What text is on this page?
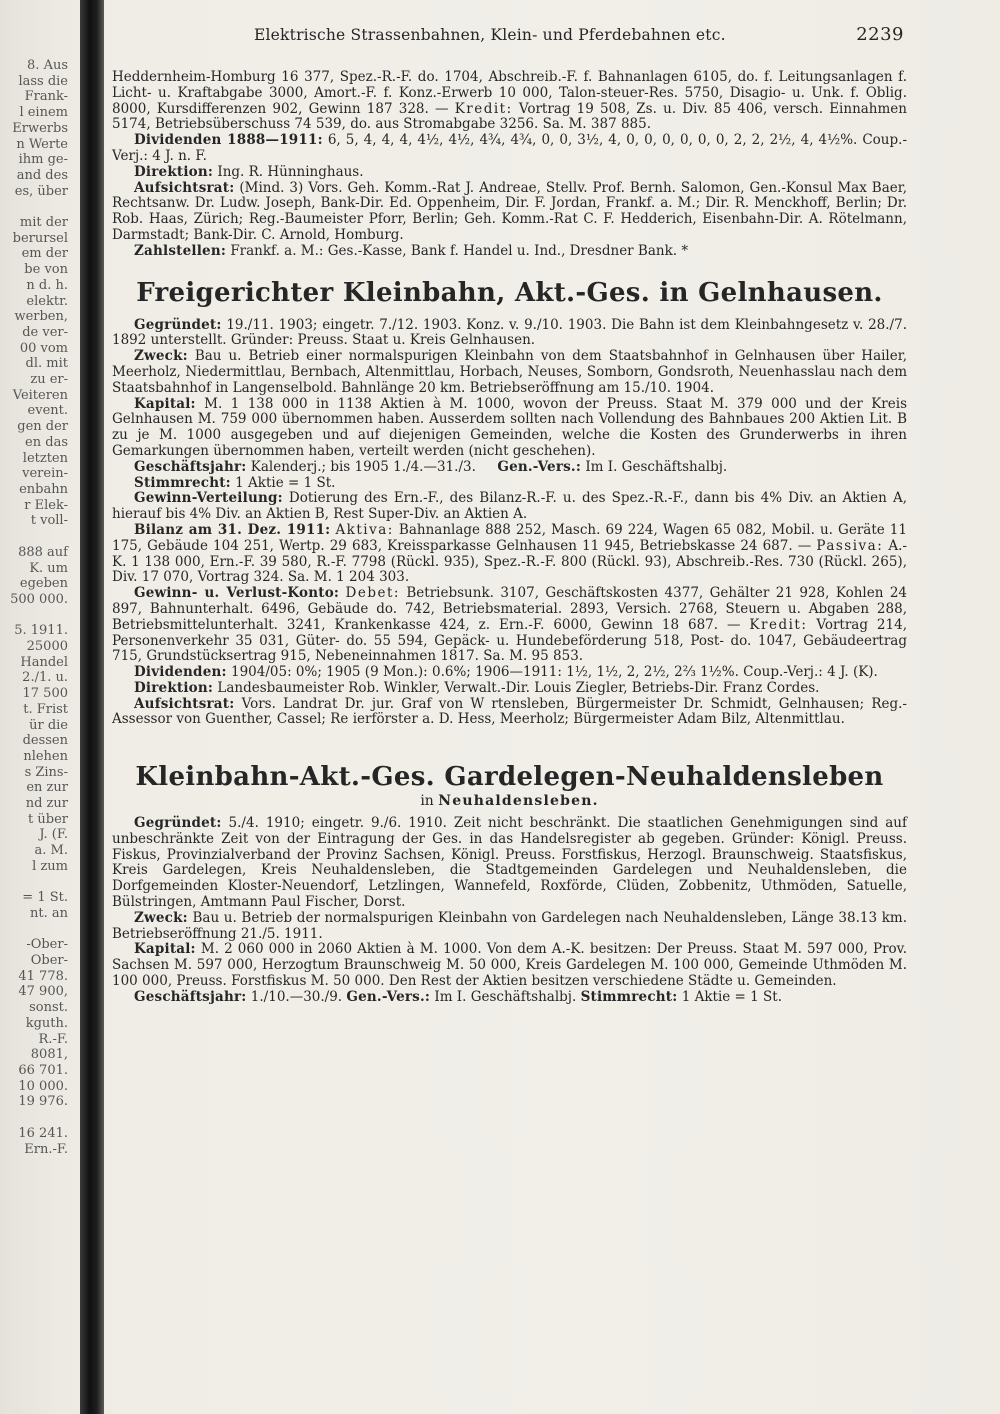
8. Aus
lass die
Frank-
l einem
Erwerbs
n Werte
ihm ge-
and des
es, über

mit der
berursel
em der
be von
n d. h.
elektr.
werben,
de ver-
00 vom
dl. mit
zu er-
Veiteren
event.
gen der
en das
letzten
verein-
enbahn
r Elek-
t voll-

888 auf
K. um
egeben
500 000.

5. 1911.
25000
Handel
2./1. u.
17 500
t. Frist
ür die
dessen
nlehen
s Zins-
en zur
nd zur
t über
J. (F.
a. M.
l zum

= 1 St.
nt. an

-Ober-
Ober-
41 778.
47 900,
sonst.
kguth.
R.-F.
8081,
66 701.
10 000.
19 976.

16 241.
Ern.-F.
Elektrische Strassenbahnen, Klein- und Pferdebahnen etc.	2239

Heddernheim-Homburg 16 377, Spez.-R.-F. do. 1704, Abschreib.-F. f. Bahnanlagen 6105, do. f. Leitungsanlagen f. Licht- u. Kraftabgabe 3000, Amort.-F. f. Konz.-Erwerb 10 000, Talon-steuer-Res. 5750, Disagio- u. Unk. f. Oblig. 8000, Kursdifferenzen 902, Gewinn 187 328. — Kredit: Vortrag 19 508, Zs. u. Div. 85 406, versch. Einnahmen 5174, Betriebsüberschuss 74 539, do. aus Stromabgabe 3256. Sa. M. 387 885.

Dividenden 1888—1911: 6, 5, 4, 4, 4, 4½, 4½, 4¾, 4¾, 0, 0, 3½, 4, 0, 0, 0, 0, 0, 0, 2, 2, 2½, 4, 4½%. Coup.-Verj.: 4 J. n. F.

Direktion: Ing. R. Hünninghaus.

Aufsichtsrat: (Mind. 3) Vors. Geh. Komm.-Rat J. Andreae, Stellv. Prof. Bernh. Salomon, Gen.-Konsul Max Baer, Rechtsanw. Dr. Ludw. Joseph, Bank-Dir. Ed. Oppenheim, Dir. F. Jordan, Frankf. a. M.; Dir. R. Menckhoff, Berlin; Dr. Rob. Haas, Zürich; Reg.-Baumeister Pforr, Berlin; Geh. Komm.-Rat C. F. Hedderich, Eisenbahn-Dir. A. Rötelmann, Darmstadt; Bank-Dir. C. Arnold, Homburg.

Zahlstellen: Frankf. a. M.: Ges.-Kasse, Bank f. Handel u. Ind., Dresdner Bank. *

Freigerichter Kleinbahn, Akt.-Ges. in Gelnhausen.

Gegründet: 19./11. 1903; eingetr. 7./12. 1903. Konz. v. 9./10. 1903. Die Bahn ist dem Kleinbahngesetz v. 28./7. 1892 unterstellt. Gründer: Preuss. Staat u. Kreis Gelnhausen.

Zweck: Bau u. Betrieb einer normalspurigen Kleinbahn von dem Staatsbahnhof in Gelnhausen über Hailer, Meerholz, Niedermittlau, Bernbach, Altenmittlau, Horbach, Neuses, Somborn, Gondsroth, Neuenhasslau nach dem Staatsbahnhof in Langenselbold. Bahnlänge 20 km. Betriebseröffnung am 15./10. 1904.

Kapital: M. 1 138 000 in 1138 Aktien à M. 1000, wovon der Preuss. Staat M. 379 000 und der Kreis Gelnhausen M. 759 000 übernommen haben. Ausserdem sollten nach Vollendung des Bahnbaues 200 Aktien Lit. B zu je M. 1000 ausgegeben und auf diejenigen Gemeinden, welche die Kosten des Grunderwerbs in ihren Gemarkungen übernommen haben, verteilt werden (nicht geschehen).

Geschäftsjahr: Kalenderj.; bis 1905 1./4.—31./3. Gen.-Vers.: Im I. Geschäftshalbj.

Stimmrecht: 1 Aktie = 1 St.

Gewinn-Verteilung: Dotierung des Ern.-F., des Bilanz-R.-F. u. des Spez.-R.-F., dann bis 4% Div. an Aktien A, hierauf bis 4% Div. an Aktien B, Rest Super-Div. an Aktien A.

Bilanz am 31. Dez. 1911: Aktiva: Bahnanlage 888 252, Masch. 69 224, Wagen 65 082, Mobil. u. Geräte 11 175, Gebäude 104 251, Wertp. 29 683, Kreissparkasse Gelnhausen 11 945, Betriebskasse 24 687. — Passiva: A.-K. 1 138 000, Ern.-F. 39 580, R.-F. 7798 (Rückl. 935), Spez.-R.-F. 800 (Rückl. 93), Abschreib.-Res. 730 (Rückl. 265), Div. 17 070, Vortrag 324. Sa. M. 1 204 303.

Gewinn- u. Verlust-Konto: Debet: Betriebsunk. 3107, Geschäftskosten 4377, Gehälter 21 928, Kohlen 24 897, Bahnunterhalt. 6496, Gebäude do. 742, Betriebsmaterial. 2893, Versich. 2768, Steuern u. Abgaben 288, Betriebsmittelunterhalt. 3241, Krankenkasse 424, z. Ern.-F. 6000, Gewinn 18 687. — Kredit: Vortrag 214, Personenverkehr 35 031, Güter- do. 55 594, Gepäck- u. Hundebeförderung 518, Post- do. 1047, Gebäudeertrag 715, Grundstücksertrag 915, Nebeneinnahmen 1817. Sa. M. 95 853.

Dividenden: 1904/05: 0%; 1905 (9 Mon.): 0.6%; 1906—1911: 1½, 1½, 2, 2½, 2⅔ 1½%. Coup.-Verj.: 4 J. (K).

Direktion: Landesbaumeister Rob. Winkler, Verwalt.-Dir. Louis Ziegler, Betriebs-Dir. Franz Cordes.

Aufsichtsrat: Vors. Landrat Dr. jur. Graf von W rtensleben, Bürgermeister Dr. Schmidt, Gelnhausen; Reg.-Assessor von Guenther, Cassel; Re ierförster a. D. Hess, Meerholz; Bürgermeister Adam Bilz, Altenmittlau.

Kleinbahn-Akt.-Ges. Gardelegen-Neuhaldensleben
in Neuhaldensleben.

Gegründet: 5./4. 1910; eingetr. 9./6. 1910. Zeit nicht beschränkt. Die staatlichen Genehmigungen sind auf unbeschränkte Zeit von der Eintragung der Ges. in das Handelsregister ab gegeben. Gründer: Königl. Preuss. Fiskus, Provinzialverband der Provinz Sachsen, Königl. Preuss. Forstfiskus, Herzogl. Braunschweig. Staatsfiskus, Kreis Gardelegen, Kreis Neuhaldensleben, die Stadtgemeinden Gardelegen und Neuhaldensleben, die Dorfgemeinden Kloster-Neuendorf, Letzlingen, Wannefeld, Roxförde, Clüden, Zobbenitz, Uthmöden, Satuelle, Bülstringen, Amtmann Paul Fischer, Dorst.

Zweck: Bau u. Betrieb der normalspurigen Kleinbahn von Gardelegen nach Neuhaldensleben, Länge 38.13 km. Betriebseröffnung 21./5. 1911.

Kapital: M. 2 060 000 in 2060 Aktien à M. 1000. Von dem A.-K. besitzen: Der Preuss. Staat M. 597 000, Prov. Sachsen M. 597 000, Herzogtum Braunschweig M. 50 000, Kreis Gardelegen M. 100 000, Gemeinde Uthmöden M. 100 000, Preuss. Forstfiskus M. 50 000. Den Rest der Aktien besitzen verschiedene Städte u. Gemeinden.

Geschäftsjahr: 1./10.—30./9. Gen.-Vers.: Im I. Geschäftshalbj. Stimmrecht: 1 Aktie = 1 St.
